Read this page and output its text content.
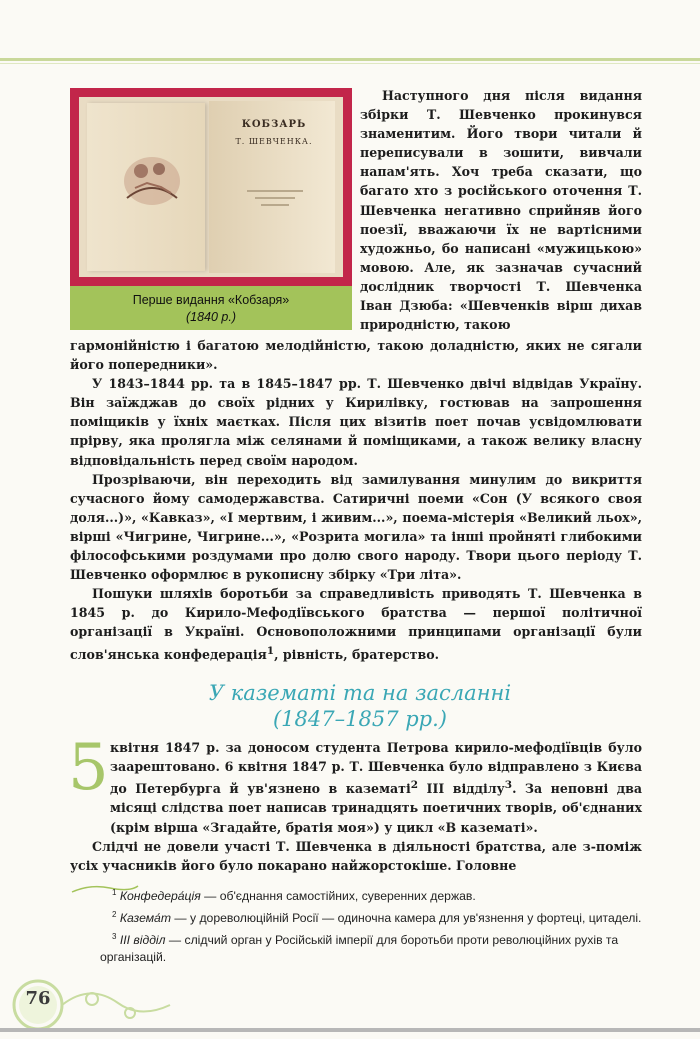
КОБЗАРЬ
Т. ШЕВЧЕНКА.
Перше видання «Кобзаря»
(1840 р.)

Наступного дня після видання збірки Т. Шевченко прокинувся знаменитим. Його твори читали й переписували в зошити, вивчали напам'ять. Хоч треба сказати, що багато хто з російського оточення Т. Шевченка негативно сприйняв його поезії, вважаючи їх не вартісними художньо, бо написані «мужицькою» мовою. Але, як зазначав сучасний дослідник творчості Т. Шевченка Іван Дзюба: «Шевченків вірш дихав природністю, такою

гармонійністю і багатою мелодійністю, такою доладністю, яких не сягали його попередники».

У 1843–1844 рр. та в 1845–1847 рр. Т. Шевченко двічі відвідав Україну. Він заїжджав до своїх рідних у Кирилівку, гостював на запрошення поміщиків у їхніх маєтках. Після цих візитів поет почав усвідомлювати прірву, яка пролягла між селянами й поміщиками, а також велику власну відповідальність перед своїм народом.

Прозріваючи, він переходить від замилування минулим до викриття сучасного йому самодержавства. Сатиричні поеми «Сон (У всякого своя доля...)», «Кавказ», «І мертвим, і живим...», поема-містерія «Великий льох», вірші «Чигрине, Чигрине...», «Розрита могила» та інші пройняті глибокими філософськими роздумами про долю свого народу. Твори цього періоду Т. Шевченко оформлює в рукописну збірку «Три літа».

Пошуки шляхів боротьби за справедливість приводять Т. Шевченка в 1845 р. до Кирило-Мефодіївського братства — першої політичної організації в Україні. Основоположними принципами організації були слов'янська конфедерація$^1$, рівність, братерство.

У казематі та на засланні
(1847–1857 рр.)
5 квітня 1847 р. за доносом студента Петрова кирило-мефодіївців було заарештовано. 6 квітня 1847 р. Т. Шевченка було відправлено з Києва до Петербурга й ув'язнено в казематі$^2$ ІІІ відділу$^3$. За неповні два місяці слідства поет написав тринадцять поетичних творів, об'єднаних (крім вірша «Згадайте, братія моя») у цикл «В казематі».

Слідчі не довели участі Т. Шевченка в діяльності братства, але з-поміж усіх учасників його було покарано найжорстокіше. Головне

$^1$ Конфедера́ція — об'єднання самостійних, суверенних держав.

$^2$ Казема́т — у дореволюційній Росії — одиночна камера для ув'язнення у фортеці, цитаделі.

$^3$ ІІІ відділ — слідчий орган у Російській імперії для боротьби проти революційних рухів та організацій.

76
